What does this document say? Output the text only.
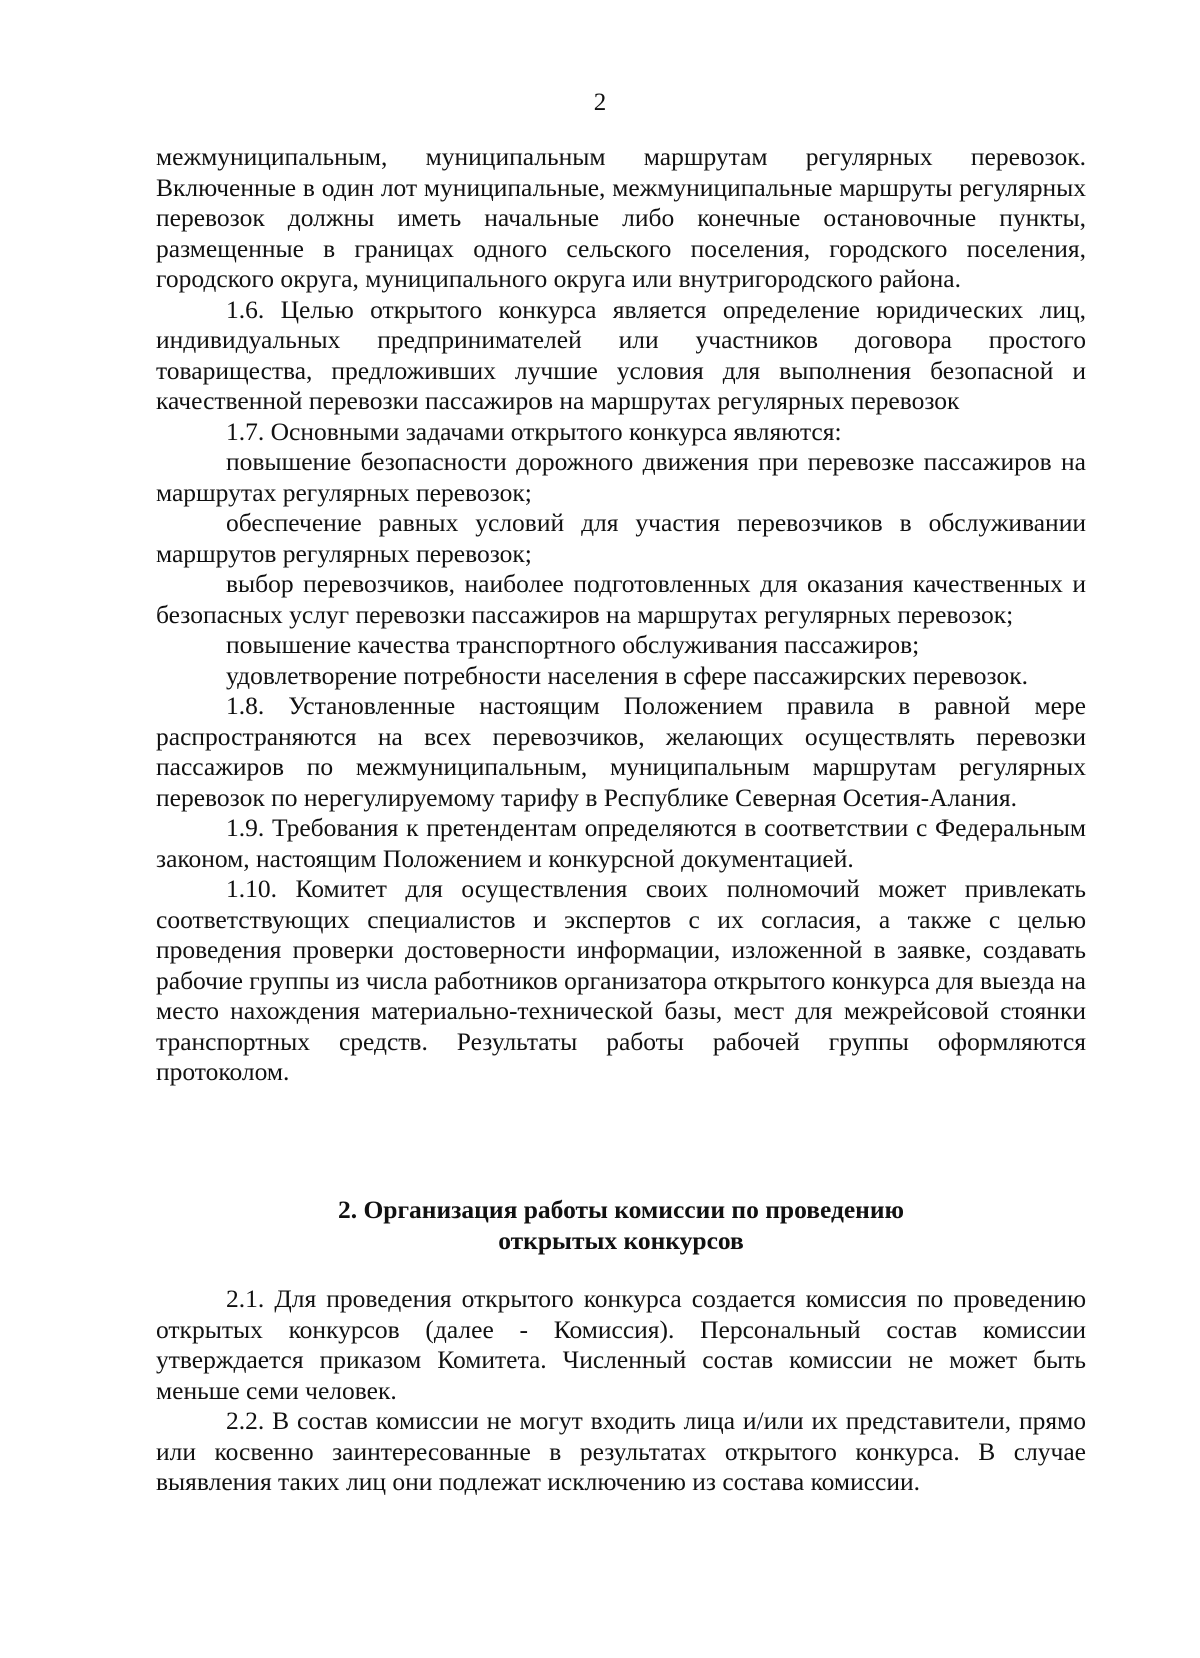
2

межмуниципальным, муниципальным маршрутам регулярных перевозок. Включенные в один лот муниципальные, межмуниципальные маршруты регулярных перевозок должны иметь начальные либо конечные остановочные пункты, размещенные в границах одного сельского поселения, городского поселения, городского округа, муниципального округа или внутригородского района.

1.6. Целью открытого конкурса является определение юридических лиц, индивидуальных предпринимателей или участников договора простого товарищества, предложивших лучшие условия для выполнения безопасной и качественной перевозки пассажиров на маршрутах регулярных перевозок

1.7. Основными задачами открытого конкурса являются:

повышение безопасности дорожного движения при перевозке пассажиров на маршрутах регулярных перевозок;

обеспечение равных условий для участия перевозчиков в обслуживании маршрутов регулярных перевозок;

выбор перевозчиков, наиболее подготовленных для оказания качественных и безопасных услуг перевозки пассажиров на маршрутах регулярных перевозок;

повышение качества транспортного обслуживания пассажиров;

удовлетворение потребности населения в сфере пассажирских перевозок.

1.8. Установленные настоящим Положением правила в равной мере распространяются на всех перевозчиков, желающих осуществлять перевозки пассажиров по межмуниципальным, муниципальным маршрутам регулярных перевозок по нерегулируемому тарифу в Республике Северная Осетия-Алания.

1.9. Требования к претендентам определяются в соответствии с Федеральным законом, настоящим Положением и конкурсной документацией.

1.10. Комитет для осуществления своих полномочий может привлекать соответствующих специалистов и экспертов с их согласия, а также с целью проведения проверки достоверности информации, изложенной в заявке, создавать рабочие группы из числа работников организатора открытого конкурса для выезда на место нахождения материально-технической базы, мест для межрейсовой стоянки транспортных средств. Результаты работы рабочей группы оформляются протоколом.

2. Организация работы комиссии по проведению
открытых конкурсов

2.1. Для проведения открытого конкурса создается комиссия по проведению открытых конкурсов (далее - Комиссия). Персональный состав комиссии утверждается приказом Комитета. Численный состав комиссии не может быть меньше семи человек.

2.2. В состав комиссии не могут входить лица и/или их представители, прямо или косвенно заинтересованные в результатах открытого конкурса. В случае выявления таких лиц они подлежат исключению из состава комиссии.
